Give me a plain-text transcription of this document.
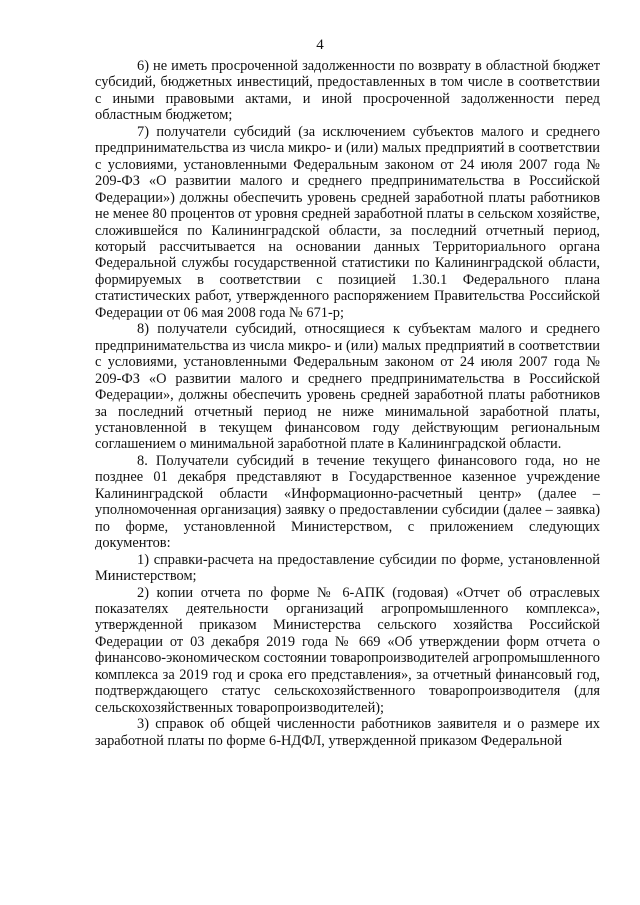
4

6) не иметь просроченной задолженности по возврату в областной бюджет субсидий, бюджетных инвестиций, предоставленных в том числе в соответствии с иными правовыми актами, и иной просроченной задолженности перед областным бюджетом;

7) получатели субсидий (за исключением субъектов малого и среднего предпринимательства из числа микро- и (или) малых предприятий в соответствии с условиями, установленными Федеральным законом от 24 июля 2007 года № 209-ФЗ «О развитии малого и среднего предпринимательства в Российской Федерации») должны обеспечить уровень средней заработной платы работников не менее 80 процентов от уровня средней заработной платы в сельском хозяйстве, сложившейся по Калининградской области, за последний отчетный период, который рассчитывается на основании данных Территориального органа Федеральной службы государственной статистики по Калининградской области, формируемых в соответствии с позицией 1.30.1 Федерального плана статистических работ, утвержденного распоряжением Правительства Российской Федерации от 06 мая 2008 года № 671-р;

8) получатели субсидий, относящиеся к субъектам малого и среднего предпринимательства из числа микро- и (или) малых предприятий в соответствии с условиями, установленными Федеральным законом от 24 июля 2007 года № 209-ФЗ «О развитии малого и среднего предпринимательства в Российской Федерации», должны обеспечить уровень средней заработной платы работников за последний отчетный период не ниже минимальной заработной платы, установленной в текущем финансовом году действующим региональным соглашением о минимальной заработной плате в Калининградской области.

8. Получатели субсидий в течение текущего финансового года, но не позднее 01 декабря представляют в Государственное казенное учреждение Калининградской области «Информационно-расчетный центр» (далее – уполномоченная организация) заявку о предоставлении субсидии (далее – заявка) по форме, установленной Министерством, с приложением следующих документов:

1) справки-расчета на предоставление субсидии по форме, установленной Министерством;

2) копии отчета по форме № 6-АПК (годовая) «Отчет об отраслевых показателях деятельности организаций агропромышленного комплекса», утвержденной приказом Министерства сельского хозяйства Российской Федерации от 03 декабря 2019 года № 669 «Об утверждении форм отчета о финансово-экономическом состоянии товаропроизводителей агропромышленного комплекса за 2019 год и срока его представления», за отчетный финансовый год, подтверждающего статус сельскохозяйственного товаропроизводителя (для сельскохозяйственных товаропроизводителей);

3) справок об общей численности работников заявителя и о размере их заработной платы по форме 6-НДФЛ, утвержденной приказом Федеральной
